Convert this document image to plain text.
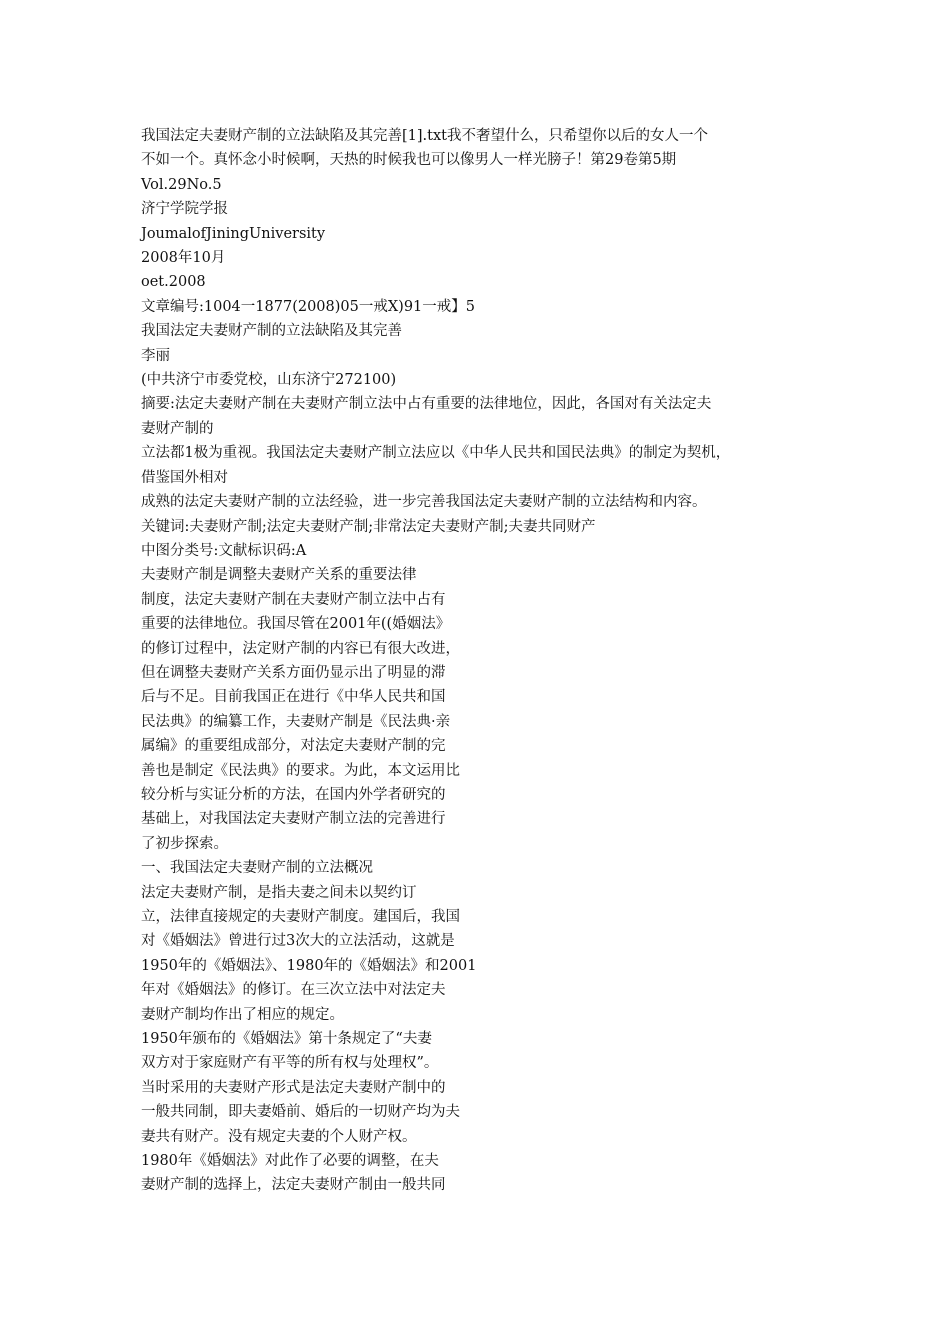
我国法定夫妻财产制的立法缺陷及其完善[1].txt我不奢望什么，只希望你以后的女人一个

不如一个。真怀念小时候啊，天热的时候我也可以像男人一样光膀子！第29卷第5期

Vol.29No.5

济宁学院学报

JoumalofJiningUniversity

2008年10月

oet.2008

文章编号:1004一1877(2008)05一戒X)91一戒】5

我国法定夫妻财产制的立法缺陷及其完善

李丽

(中共济宁市委党校，山东济宁272100)

摘要:法定夫妻财产制在夫妻财产制立法中占有重要的法律地位，因此，各国对有关法定夫

妻财产制的

立法都1极为重视。我国法定夫妻财产制立法应以《中华人民共和国民法典》的制定为契机，

借鉴国外相对

成熟的法定夫妻财产制的立法经验，进一步完善我国法定夫妻财产制的立法结构和内容。

关键词:夫妻财产制;法定夫妻财产制;非常法定夫妻财产制;夫妻共同财产

中图分类号:文献标识码:A

夫妻财产制是调整夫妻财产关系的重要法律

制度，法定夫妻财产制在夫妻财产制立法中占有

重要的法律地位。我国尽管在2001年((婚姻法》

的修订过程中，法定财产制的内容已有很大改进，

但在调整夫妻财产关系方面仍显示出了明显的滞

后与不足。目前我国正在进行《中华人民共和国

民法典》的编纂工作，夫妻财产制是《民法典·亲

属编》的重要组成部分，对法定夫妻财产制的完

善也是制定《民法典》的要求。为此，本文运用比

较分析与实证分析的方法，在国内外学者研究的

基础上，对我国法定夫妻财产制立法的完善进行

了初步探索。

一、我国法定夫妻财产制的立法概况

法定夫妻财产制，是指夫妻之间未以契约订

立，法律直接规定的夫妻财产制度。建国后，我国

对《婚姻法》曾进行过3次大的立法活动，这就是

1950年的《婚姻法》、1980年的《婚姻法》和2001

年对《婚姻法》的修订。在三次立法中对法定夫

妻财产制均作出了相应的规定。

1950年颁布的《婚姻法》第十条规定了“夫妻

双方对于家庭财产有平等的所有权与处理权”。

当时采用的夫妻财产形式是法定夫妻财产制中的

一般共同制，即夫妻婚前、婚后的一切财产均为夫

妻共有财产。没有规定夫妻的个人财产权。

1980年《婚姻法》对此作了必要的调整，在夫

妻财产制的选择上，法定夫妻财产制由一般共同
